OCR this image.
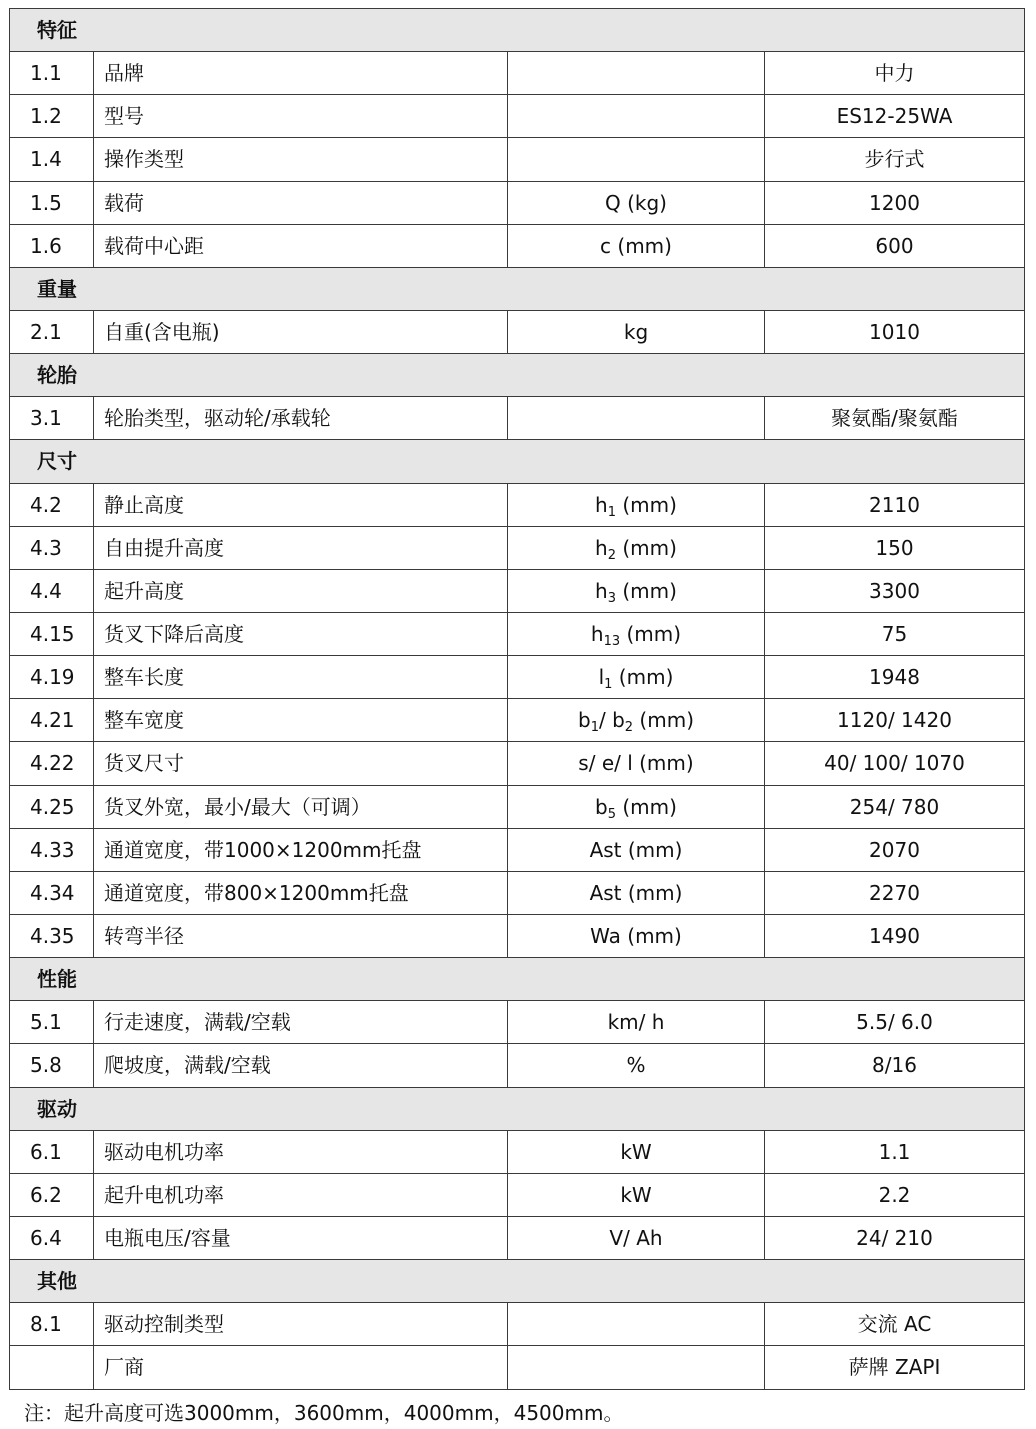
特征			
1.1	品牌		中力
1.2	型号		ES12-25WA
1.4	操作类型		步行式
1.5	载荷	Q (kg)	1200
1.6	载荷中心距	c (mm)	600
重量			
2.1	自重(含电瓶)	kg	1010
轮胎			
3.1	轮胎类型，驱动轮/承载轮		聚氨酯/聚氨酯
尺寸			
4.2	静止高度	$h_1$ (mm)	2110
4.3	自由提升高度	$h_2$ (mm)	150
4.4	起升高度	$h_3$ (mm)	3300
4.15	货叉下降后高度	$h_{13}$ (mm)	75
4.19	整车长度	$l_1$ (mm)	1948
4.21	整车宽度	$b_1/$ $b_2$ (mm)	1120/ 1420
4.22	货叉尺寸	s/ e/ l (mm)	40/ 100/ 1070
4.25	货叉外宽，最小/最大（可调）	$b_5$ (mm)	254/ 780
4.33	通道宽度，带1000×1200mm托盘	Ast (mm)	2070
4.34	通道宽度，带800×1200mm托盘	Ast (mm)	2270
4.35	转弯半径	Wa (mm)	1490
性能			
5.1	行走速度，满载/空载	km/ h	5.5/ 6.0
5.8	爬坡度，满载/空载	%	8/16
驱动			
6.1	驱动电机功率	kW	1.1
6.2	起升电机功率	kW	2.2
6.4	电瓶电压/容量	V/ Ah	24/ 210
其他			
8.1	驱动控制类型		交流 AC
	厂商		萨牌 ZAPI
注：起升高度可选3000mm，3600mm，4000mm，4500mm。
